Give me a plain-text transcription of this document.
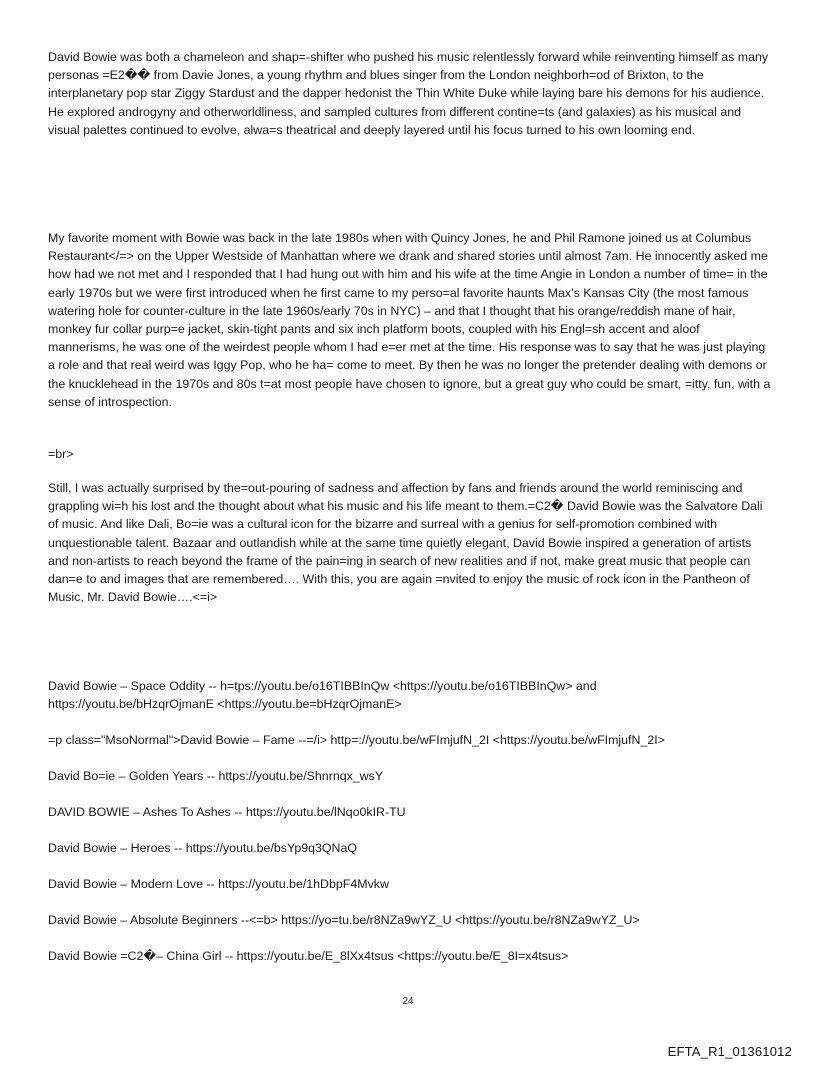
David Bowie was both a chameleon and shap=-shifter who pushed his music relentlessly forward while reinventing himself as many personas =E2�� from Davie Jones, a young rhythm and blues singer from the London neighborh=od of Brixton, to the interplanetary pop star Ziggy Stardust and the dapper hedonist the Thin White Duke while laying bare his demons for his audience. He explored androgyny and otherworldliness, and sampled cultures from different contine=ts (and galaxies) as his musical and visual palettes continued to evolve, alwa=s theatrical and deeply layered until his focus turned to his own looming end.

My favorite moment with Bowie was back in the late 1980s when with Quincy Jones, he and Phil Ramone joined us at Columbus Restaurant</=> on the Upper Westside of Manhattan where we drank and shared stories until almost 7am. He innocently asked me how had we not met and I responded that I had hung out with him and his wife at the time Angie in London a number of time= in the early 1970s but we were first introduced when he first came to my perso=al favorite haunts Max’s Kansas City (the most famous watering hole for counter-culture in the late 1960s/early 70s in NYC) – and that I thought that his orange/reddish mane of hair, monkey fur collar purp=e jacket, skin-tight pants and six inch platform boots, coupled with his Engl=sh accent and aloof mannerisms, he was one of the weirdest people whom I had e=er met at the time. His response was to say that he was just playing a role and that real weird was Iggy Pop, who he ha= come to meet. By then he was no longer the pretender dealing with demons or the knucklehead in the 1970s and 80s t=at most people have chosen to ignore, but a great guy who could be smart, =itty, fun, with a sense of introspection.

=br>

Still, I was actually surprised by the=out-pouring of sadness and affection by fans and friends around the world reminiscing and grappling wi=h his lost and the thought about what his music and his life meant to them.=C2� David Bowie was the Salvatore Dali of music. And like Dali, Bo=ie was a cultural icon for the bizarre and surreal with a genius for self-promotion combined with unquestionable talent. Bazaar and outlandish while at the same time quietly elegant, David Bowie inspired a generation of artists and non-artists to reach beyond the frame of the pain=ing in search of new realities and if not, make great music that people can dan=e to and images that are remembered…. With this, you are again =nvited to enjoy the music of rock icon in the Pantheon of Music, Mr. David Bowie….<=i>

David Bowie – Space Oddity -- h=tps://youtu.be/o16TIBBInQw <https://youtu.be/o16TIBBInQw> and

https://youtu.be/bHzqrOjmanE <https://youtu.be=bHzqrOjmanE>

=p class="MsoNormal">David Bowie – Fame --=/i> http=://youtu.be/wFImjufN_2I <https://youtu.be/wFImjufN_2I>

David Bo=ie – Golden Years -- https://youtu.be/Shnrnqx_wsY

DAVID BOWIE – Ashes To Ashes -- https://youtu.be/lNqo0kIR-TU

David Bowie – Heroes -- https://youtu.be/bsYp9q3QNaQ

David Bowie – Modern Love -- https://youtu.be/1hDbpF4Mvkw

David Bowie – Absolute Beginners --<=b> https://yo=tu.be/r8NZa9wYZ_U <https://youtu.be/r8NZa9wYZ_U>

David Bowie =C2�– China Girl -- https://youtu.be/E_8lXx4tsus <https://youtu.be/E_8I=x4tsus>

24
EFTA_R1_01361012
